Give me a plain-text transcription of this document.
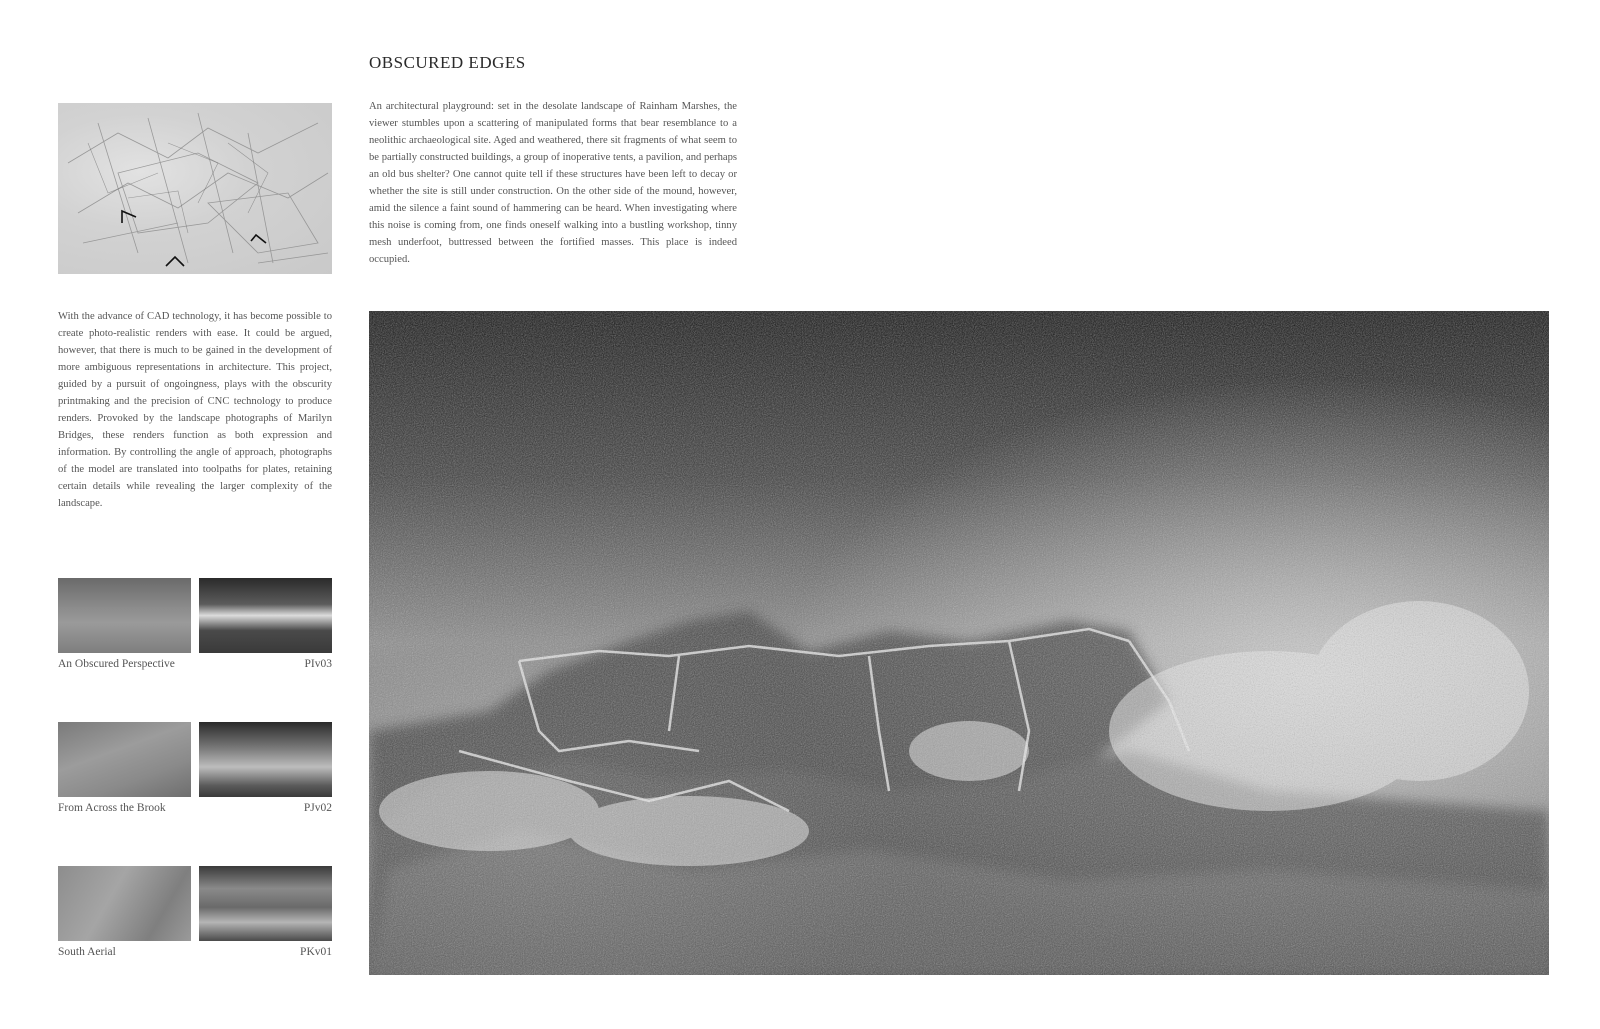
OBSCURED EDGES

An architectural playground: set in the desolate landscape of Rainham Marshes, the viewer stumbles upon a scattering of manipulated forms that bear resemblance to a neolithic archaeological site. Aged and weathered, there sit fragments of what seem to be partially constructed buildings, a group of inoperative tents, a pavilion, and perhaps an old bus shelter? One cannot quite tell if these structures have been left to decay or whether the site is still under construction. On the other side of the mound, however, amid the silence a faint sound of hammering can be heard. When investigating where this noise is coming from, one finds oneself walking into a bustling workshop, tinny mesh underfoot, buttressed between the fortified masses. This place is indeed occupied.

With the advance of CAD technology, it has become possible to create photo-realistic renders with ease. It could be argued, however, that there is much to be gained in the development of more ambiguous representations in architecture. This project, guided by a pursuit of ongoingness, plays with the obscurity printmaking and the precision of CNC technology to produce renders. Provoked by the landscape photographs of Marilyn Bridges, these renders function as both expression and information. By controlling the angle of approach, photographs of the model are translated into toolpaths for plates, retaining certain details while revealing the larger complexity of the landscape.

An Obscured Perspective	PIv03
From Across the Brook	PJv02
South Aerial	PKv01
